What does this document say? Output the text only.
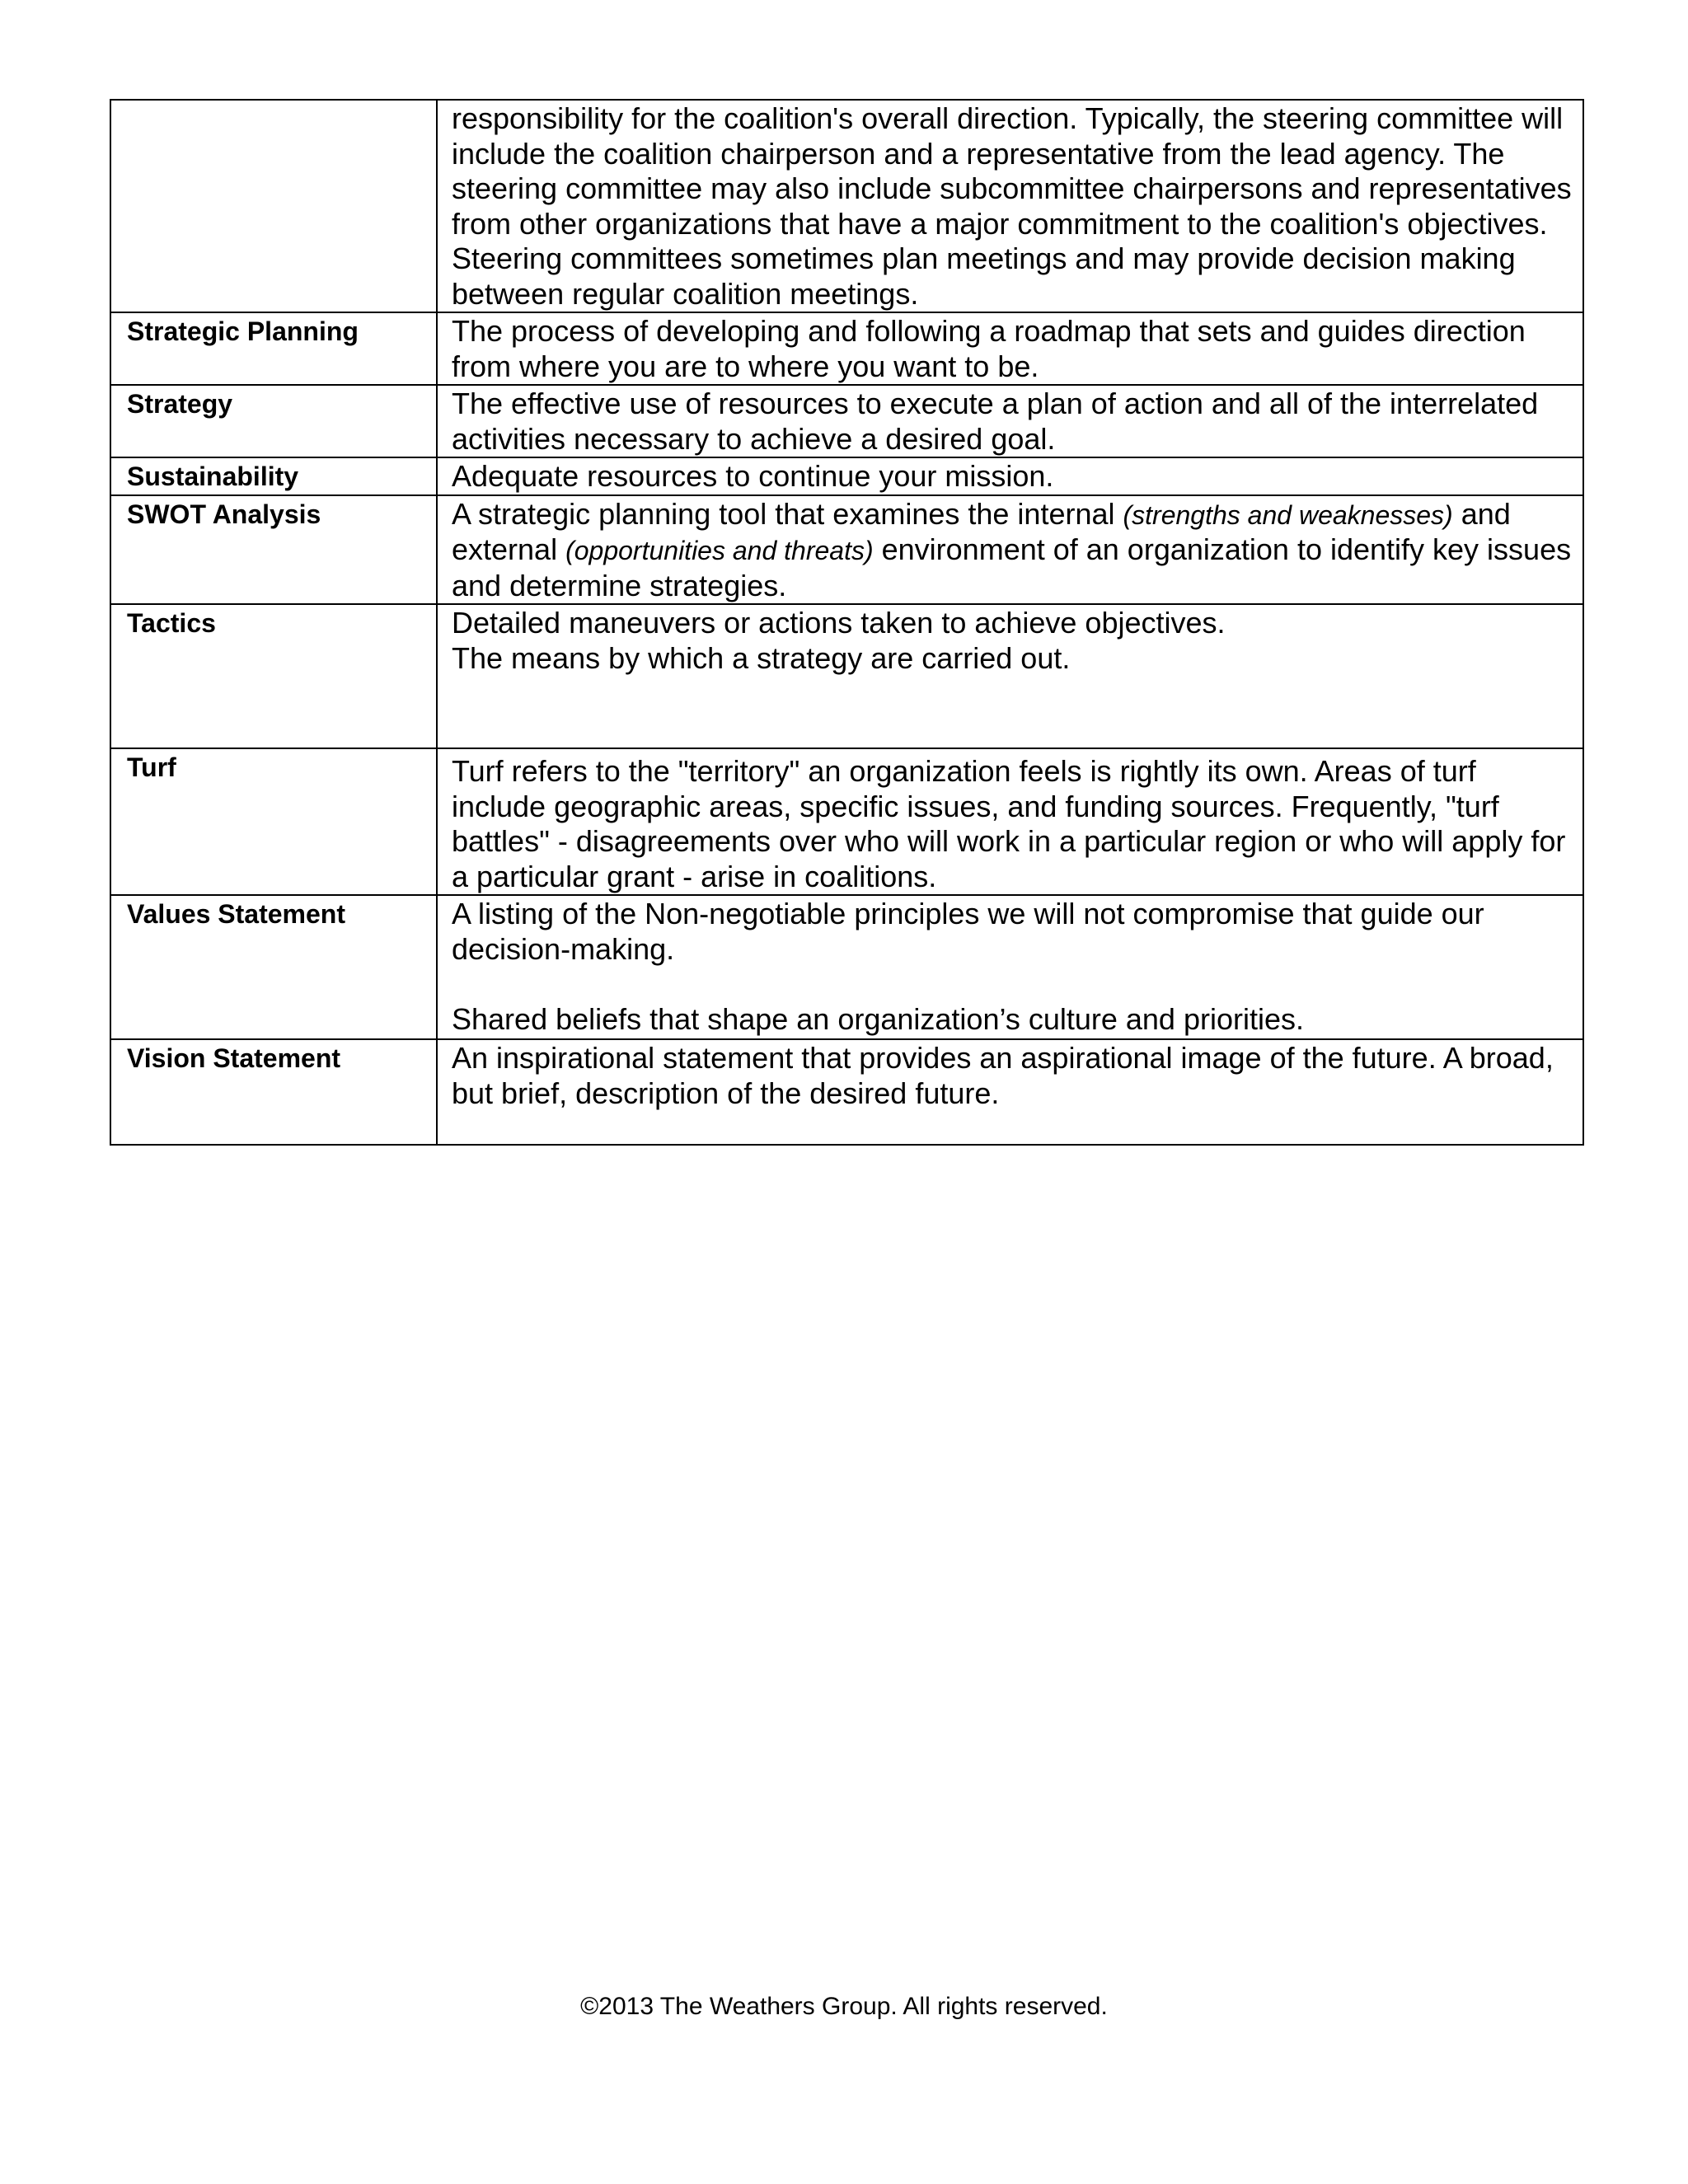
	responsibility for the coalition's overall direction. Typically, the steering committee will include the coalition chairperson and a representative from the lead agency. The steering committee may also include subcommittee chairpersons and representatives from other organizations that have a major commitment to the coalition's objectives. Steering committees sometimes plan meetings and may provide decision making between regular coalition meetings.
Strategic Planning	The process of developing and following a roadmap that sets and guides direction from where you are to where you want to be.
Strategy	The effective use of resources to execute a plan of action and all of the interrelated activities necessary to achieve a desired goal.
Sustainability	Adequate resources to continue your mission.
SWOT Analysis	A strategic planning tool that examines the internal (strengths and weaknesses) and external (opportunities and threats) environment of an organization to identify key issues and determine strategies.
Tactics	Detailed maneuvers or actions taken to achieve objectives.
The means by which a strategy are carried out.

Turf	Turf refers to the "territory" an organization feels is rightly its own. Areas of turf include geographic areas, specific issues, and funding sources. Frequently, "turf battles" - disagreements over who will work in a particular region or who will apply for a particular grant - arise in coalitions.
Values Statement	A listing of the Non-negotiable principles we will not compromise that guide our decision-making.
Shared beliefs that shape an organization’s culture and priorities.

Vision Statement	An inspirational statement that provides an aspirational image of the future. A broad, but brief, description of the desired future.
©2013 The Weathers Group. All rights reserved.
